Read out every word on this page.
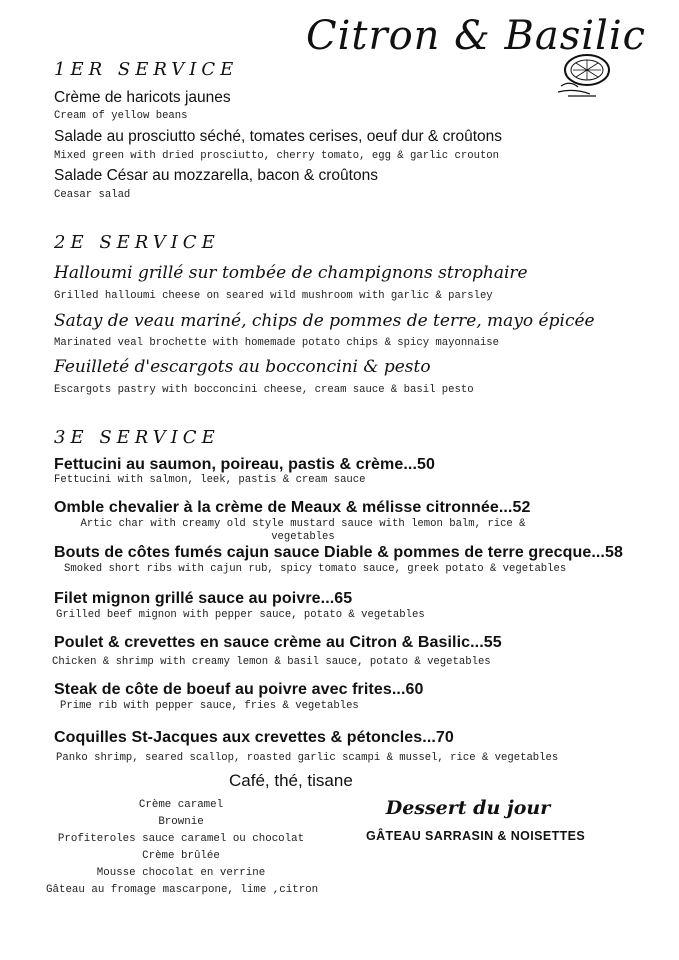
Citron & Basilic
1ER SERVICE
Crème de haricots jaunes
Cream of yellow beans
Salade au prosciutto séché, tomates cerises, oeuf dur & croûtons
Mixed green with dried prosciutto, cherry tomato, egg & garlic crouton
Salade César au mozzarella, bacon & croûtons
Ceasar salad
2E SERVICE
Halloumi grillé sur tombée de champignons strophaire
Grilled halloumi cheese on seared wild mushroom with garlic & parsley
Satay de veau mariné, chips de pommes de terre, mayo épicée
Marinated veal brochette with homemade potato chips & spicy mayonnaise
Feuilleté d'escargots au bocconcini & pesto
Escargots pastry with bocconcini cheese, cream sauce & basil pesto
3E SERVICE
Fettucini au saumon, poireau, pastis & crème...50
Fettucini with salmon, leek, pastis & cream sauce
Omble chevalier à la crème de Meaux & mélisse citronnée...52
Artic char with creamy old style mustard sauce with lemon balm, rice & vegetables
Bouts de côtes fumés cajun sauce Diable & pommes de terre grecque...58
Smoked short ribs with cajun rub, spicy tomato sauce, greek potato & vegetables
Filet mignon grillé sauce au poivre...65
Grilled beef mignon with pepper sauce, potato & vegetables
Poulet & crevettes en sauce crème au Citron & Basilic...55
Chicken & shrimp with creamy lemon & basil sauce, potato & vegetables
Steak de côte de boeuf au poivre avec frites...60
Prime rib with pepper sauce, fries & vegetables
Coquilles St-Jacques aux crevettes & pétoncles...70
Panko shrimp, seared scallop, roasted garlic scampi & mussel, rice & vegetables
Café, thé, tisane
Crème caramel
Brownie
Profiteroles sauce caramel ou chocolat
Crème brûlée
Mousse chocolat en verrine
Gâteau au fromage mascarpone, lime ,citron
Dessert du jour
GÂTEAU SARRASIN & NOISETTES
